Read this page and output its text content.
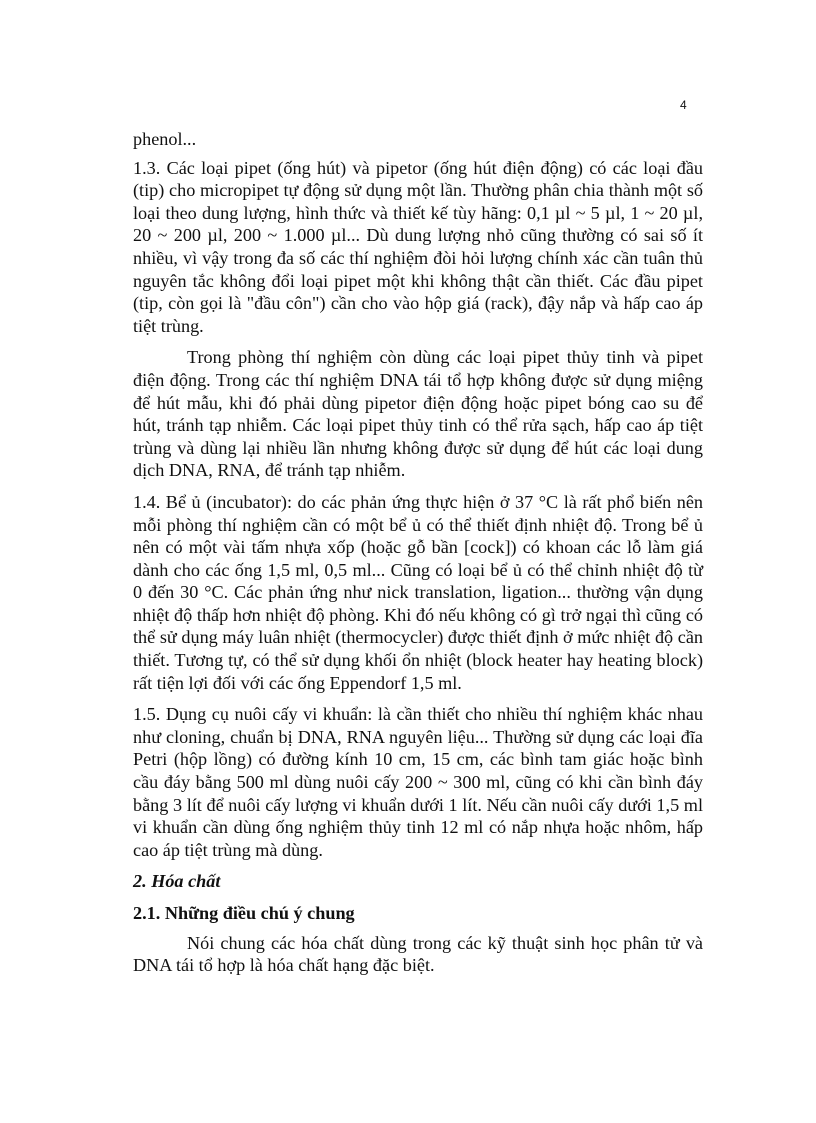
4

phenol...

1.3. Các loại pipet (ống hút) và pipetor (ống hút điện động) có các loại đầu (tip) cho micropipet tự động sử dụng một lần. Thường phân chia thành một số loại theo dung lượng, hình thức và thiết kế tùy hãng: 0,1 µl ~ 5 µl, 1 ~ 20 µl, 20 ~ 200 µl, 200 ~ 1.000 µl... Dù dung lượng nhỏ cũng thường có sai số ít nhiều, vì vậy trong đa số các thí nghiệm đòi hỏi lượng chính xác cần tuân thủ nguyên tắc không đổi loại pipet một khi không thật cần thiết. Các đầu pipet (tip, còn gọi là "đầu côn") cần cho vào hộp giá (rack), đậy nắp và hấp cao áp tiệt trùng.

Trong phòng thí nghiệm còn dùng các loại pipet thủy tinh và pipet điện động. Trong các thí nghiệm DNA tái tổ hợp không được sử dụng miệng để hút mẫu, khi đó phải dùng pipetor điện động hoặc pipet bóng cao su để hút, tránh tạp nhiễm. Các loại pipet thủy tinh có thể rửa sạch, hấp cao áp tiệt trùng và dùng lại nhiều lần nhưng không được sử dụng để hút các loại dung dịch DNA, RNA, để tránh tạp nhiễm.

1.4. Bể ủ (incubator): do các phản ứng thực hiện ở 37 °C là rất phổ biến nên mỗi phòng thí nghiệm cần có một bể ủ có thể thiết định nhiệt độ. Trong bể ủ nên có một vài tấm nhựa xốp (hoặc gỗ bần [cock]) có khoan các lỗ làm giá dành cho các ống 1,5 ml, 0,5 ml... Cũng có loại bể ủ có thể chỉnh nhiệt độ từ 0 đến 30 °C. Các phản ứng như nick translation, ligation... thường vận dụng nhiệt độ thấp hơn nhiệt độ phòng. Khi đó nếu không có gì trở ngại thì cũng có thể sử dụng máy luân nhiệt (thermocycler) được thiết định ở mức nhiệt độ cần thiết. Tương tự, có thể sử dụng khối ổn nhiệt (block heater hay heating block) rất tiện lợi đối với các ống Eppendorf 1,5 ml.

1.5. Dụng cụ nuôi cấy vi khuẩn: là cần thiết cho nhiều thí nghiệm khác nhau như cloning, chuẩn bị DNA, RNA nguyên liệu... Thường sử dụng các loại đĩa Petri (hộp lồng) có đường kính 10 cm, 15 cm, các bình tam giác hoặc bình cầu đáy bằng 500 ml dùng nuôi cấy 200 ~ 300 ml, cũng có khi cần bình đáy bằng 3 lít để nuôi cấy lượng vi khuẩn dưới 1 lít. Nếu cần nuôi cấy dưới 1,5 ml vi khuẩn cần dùng ống nghiệm thủy tinh 12 ml có nắp nhựa hoặc nhôm, hấp cao áp tiệt trùng mà dùng.

2. Hóa chất
2.1. Những điều chú ý chung

Nói chung các hóa chất dùng trong các kỹ thuật sinh học phân tử và DNA tái tổ hợp là hóa chất hạng đặc biệt.
